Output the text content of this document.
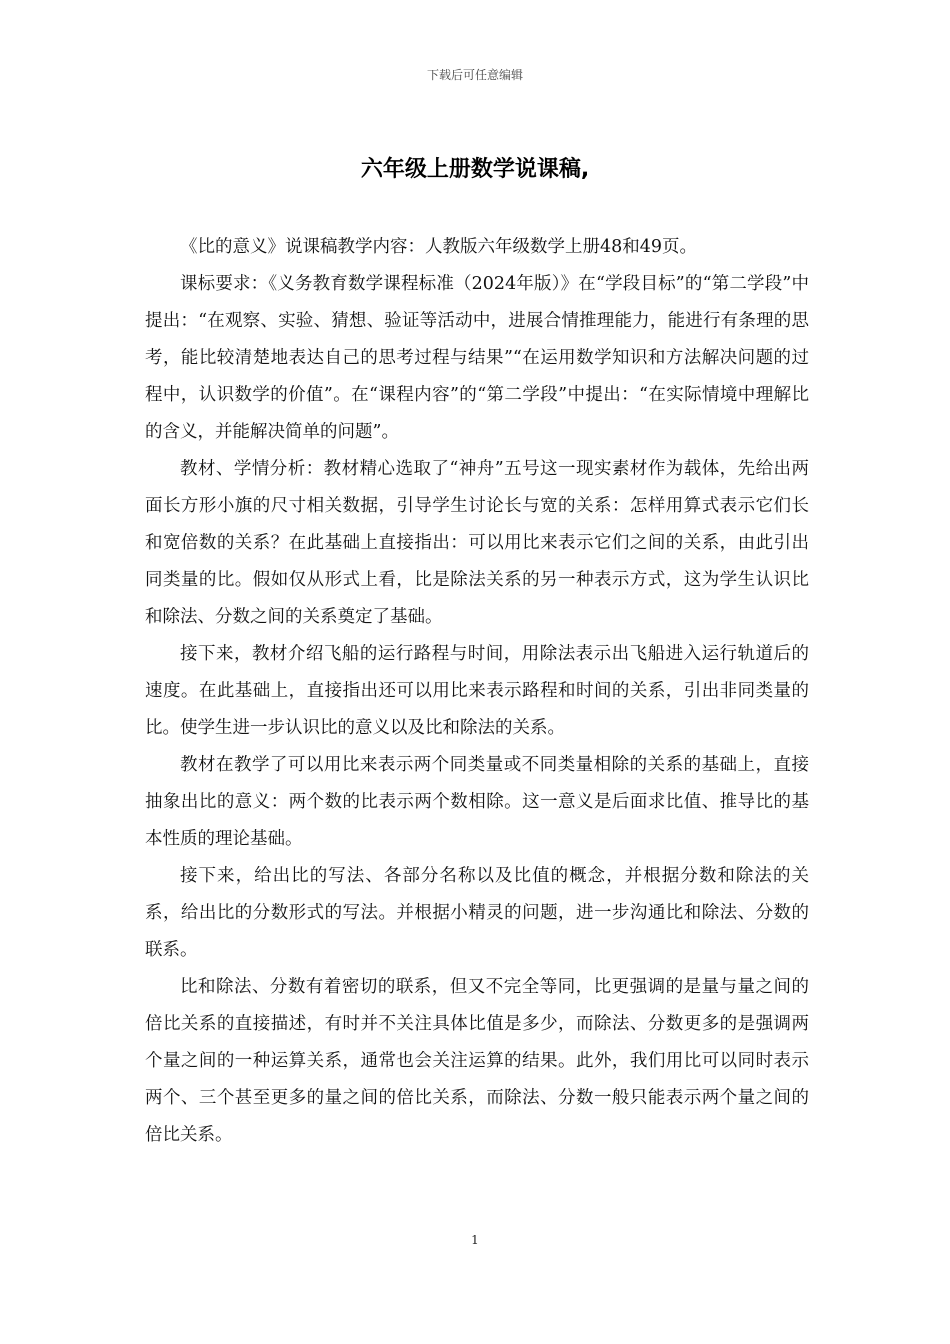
下载后可任意编辑
六年级上册数学说课稿,

《比的意义》说课稿教学内容：人教版六年级数学上册48和49页。

课标要求：《义务教育数学课程标准（2024年版）》在“学段目标”的“第二学段”中提出：“在观察、实验、猜想、验证等活动中，进展合情推理能力，能进行有条理的思考，能比较清楚地表达自己的思考过程与结果”“在运用数学知识和方法解决问题的过程中，认识数学的价值”。在“课程内容”的“第二学段”中提出：“在实际情境中理解比的含义，并能解决简单的问题”。

教材、学情分析：教材精心选取了“神舟”五号这一现实素材作为载体，先给出两面长方形小旗的尺寸相关数据，引导学生讨论长与宽的关系：怎样用算式表示它们长和宽倍数的关系？在此基础上直接指出：可以用比来表示它们之间的关系，由此引出同类量的比。假如仅从形式上看，比是除法关系的另一种表示方式，这为学生认识比和除法、分数之间的关系奠定了基础。

接下来，教材介绍飞船的运行路程与时间，用除法表示出飞船进入运行轨道后的速度。在此基础上，直接指出还可以用比来表示路程和时间的关系，引出非同类量的比。使学生进一步认识比的意义以及比和除法的关系。

教材在教学了可以用比来表示两个同类量或不同类量相除的关系的基础上，直接抽象出比的意义：两个数的比表示两个数相除。这一意义是后面求比值、推导比的基本性质的理论基础。

接下来，给出比的写法、各部分名称以及比值的概念，并根据分数和除法的关系，给出比的分数形式的写法。并根据小精灵的问题，进一步沟通比和除法、分数的联系。

比和除法、分数有着密切的联系，但又不完全等同，比更强调的是量与量之间的倍比关系的直接描述，有时并不关注具体比值是多少，而除法、分数更多的是强调两个量之间的一种运算关系，通常也会关注运算的结果。此外，我们用比可以同时表示两个、三个甚至更多的量之间的倍比关系，而除法、分数一般只能表示两个量之间的倍比关系。

1
